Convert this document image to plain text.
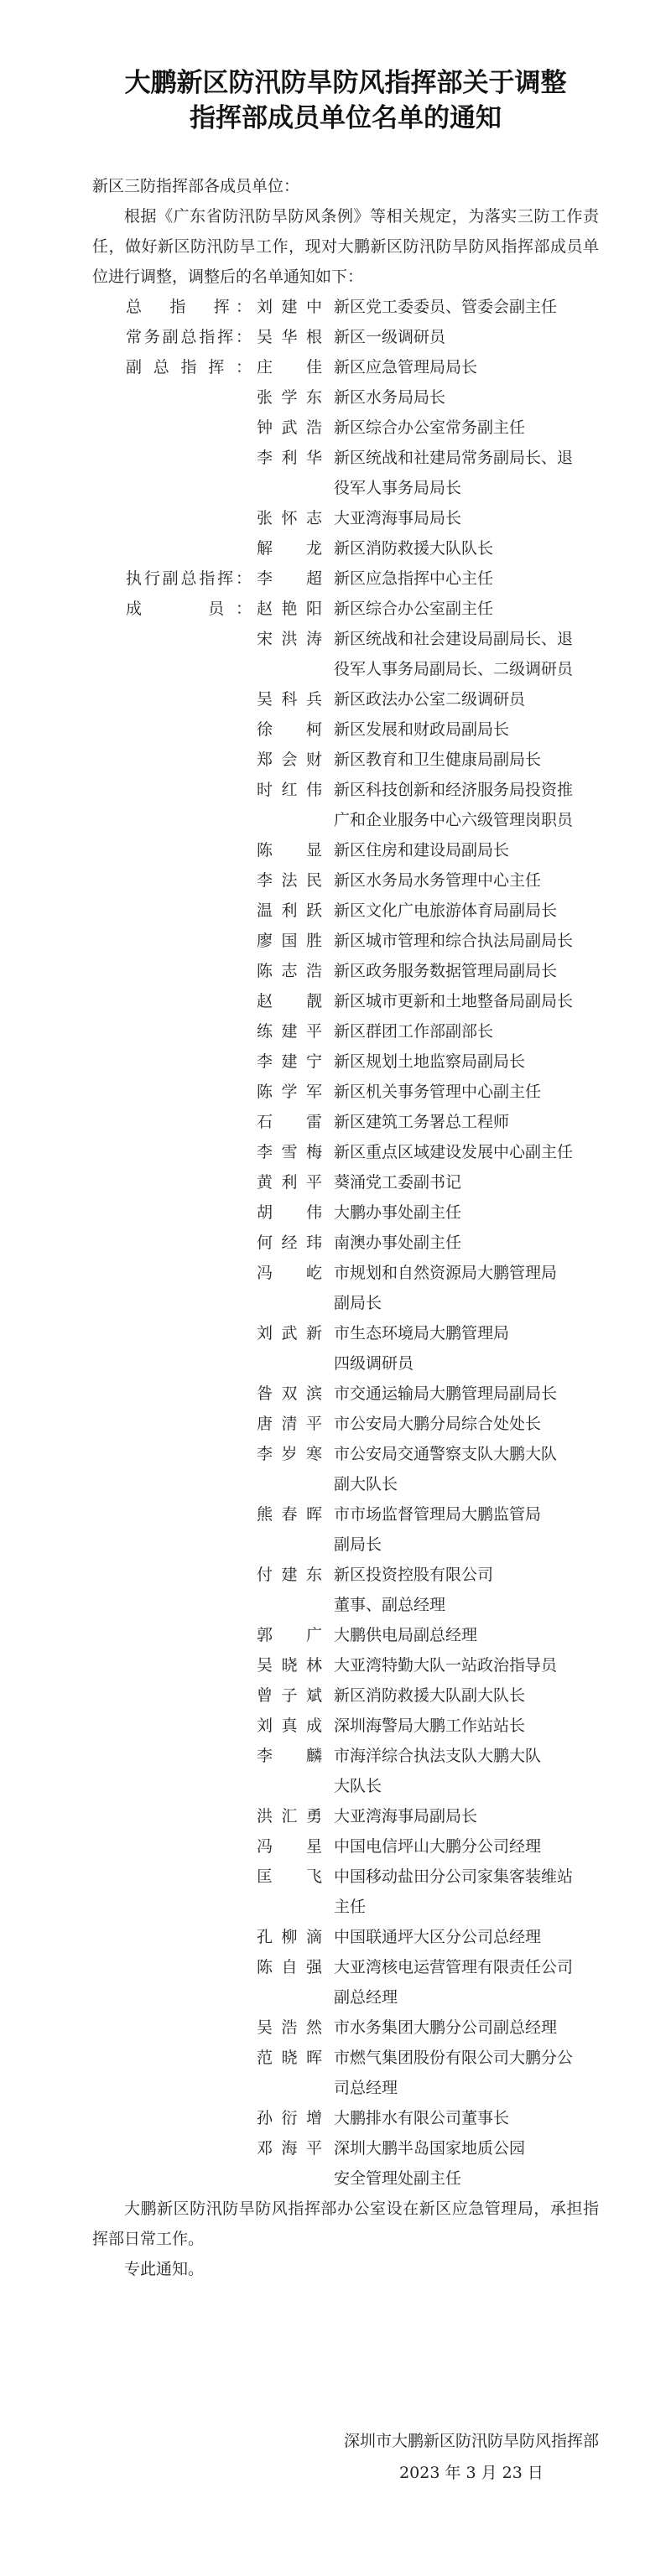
大鹏新区防汛防旱防风指挥部关于调整
指挥部成员单位名单的通知

新区三防指挥部各成员单位：

根据《广东省防汛防旱防风条例》等相关规定，为落实三防工作责任，做好新区防汛防旱工作，现对大鹏新区防汛防旱防风指挥部成员单位进行调整，调整后的名单通知如下：

总　指　挥： 刘建中 新区党工委委员、管委会副主任
常务副总指挥： 吴华根 新区一级调研员
副总指挥： 庄　佳 新区应急管理局局长
张学东 新区水务局局长
钟武浩 新区综合办公室常务副主任
李利华 新区统战和社建局常务副局长、退
役军人事务局局长
张怀志 大亚湾海事局局长
解　龙 新区消防救援大队队长
执行副总指挥： 李　超 新区应急指挥中心主任
成　　员： 赵艳阳 新区综合办公室副主任
宋洪涛 新区统战和社会建设局副局长、退
役军人事务局副局长、二级调研员
吴科兵 新区政法办公室二级调研员
徐　柯 新区发展和财政局副局长
郑会财 新区教育和卫生健康局副局长
时红伟 新区科技创新和经济服务局投资推
广和企业服务中心六级管理岗职员
陈　显 新区住房和建设局副局长
李法民 新区水务局水务管理中心主任
温利跃 新区文化广电旅游体育局副局长
廖国胜 新区城市管理和综合执法局副局长
陈志浩 新区政务服务数据管理局副局长
赵　靓 新区城市更新和土地整备局副局长
练建平 新区群团工作部副部长
李建宁 新区规划土地监察局副局长
陈学军 新区机关事务管理中心副主任
石　雷 新区建筑工务署总工程师
李雪梅 新区重点区域建设发展中心副主任
黄利平 葵涌党工委副书记
胡　伟 大鹏办事处副主任
何经玮 南澳办事处副主任
冯　屹 市规划和自然资源局大鹏管理局
副局长
刘武新 市生态环境局大鹏管理局
四级调研员
昝双滨 市交通运输局大鹏管理局副局长
唐清平 市公安局大鹏分局综合处处长
李岁寒 市公安局交通警察支队大鹏大队
副大队长
熊春晖 市市场监督管理局大鹏监管局
副局长
付建东 新区投资控股有限公司
董事、副总经理
郭　广 大鹏供电局副总经理
吴晓林 大亚湾特勤大队一站政治指导员
曾子斌 新区消防救援大队副大队长
刘真成 深圳海警局大鹏工作站站长
李　麟 市海洋综合执法支队大鹏大队
大队长
洪汇勇 大亚湾海事局副局长
冯　星 中国电信坪山大鹏分公司经理
匡　飞 中国移动盐田分公司家集客装维站
主任
孔柳滴 中国联通坪大区分公司总经理
陈自强 大亚湾核电运营管理有限责任公司
副总经理
吴浩然 市水务集团大鹏分公司副总经理
范晓晖 市燃气集团股份有限公司大鹏分公
司总经理
孙衍增 大鹏排水有限公司董事长
邓海平 深圳大鹏半岛国家地质公园
安全管理处副主任

大鹏新区防汛防旱防风指挥部办公室设在新区应急管理局，承担指挥部日常工作。

专此通知。

深圳市大鹏新区防汛防旱防风指挥部
2023 年 3 月 23 日
